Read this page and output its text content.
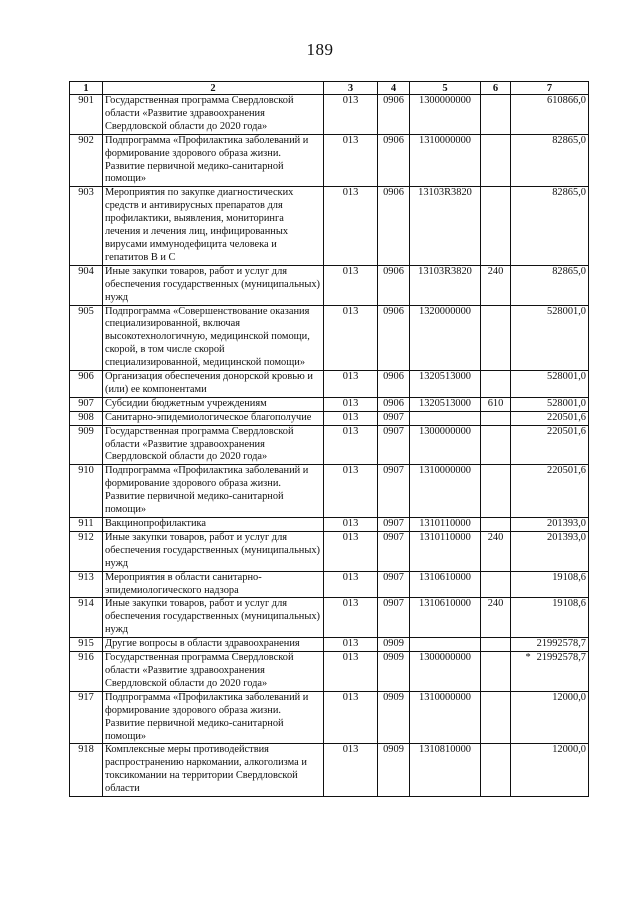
189
1	2	3	4	5	6	7
901	Государственная программа Свердловской области «Развитие здравоохранения Свердловской области до 2020 года»	013	0906	1300000000		610866,0
902	Подпрограмма «Профилактика заболеваний и формирование здорового образа жизни. Развитие первичной медико-санитарной помощи»	013	0906	1310000000		82865,0
903	Мероприятия по закупке диагностических средств и антивирусных препаратов для профилактики, выявления, мониторинга лечения и лечения лиц, инфицированных вирусами иммунодефицита человека и гепатитов В и С	013	0906	13103R3820		82865,0
904	Иные закупки товаров, работ и услуг для обеспечения государственных (муниципальных) нужд	013	0906	13103R3820	240	82865,0
905	Подпрограмма «Совершенствование оказания специализированной, включая высокотехнологичную, медицинской помощи, скорой, в том числе скорой специализированной, медицинской помощи»	013	0906	1320000000		528001,0
906	Организация обеспечения донорской кровью и (или) ее компонентами	013	0906	1320513000		528001,0
907	Субсидии бюджетным учреждениям	013	0906	1320513000	610	528001,0
908	Санитарно-эпидемиологическое благополучие	013	0907			220501,6
909	Государственная программа Свердловской области «Развитие здравоохранения Свердловской области до 2020 года»	013	0907	1300000000		220501,6
910	Подпрограмма «Профилактика заболеваний и формирование здорового образа жизни. Развитие первичной медико-санитарной помощи»	013	0907	1310000000		220501,6
911	Вакцинопрофилактика	013	0907	1310110000		201393,0
912	Иные закупки товаров, работ и услуг для обеспечения государственных (муниципальных) нужд	013	0907	1310110000	240	201393,0
913	Мероприятия в области санитарно-эпидемиологического надзора	013	0907	1310610000		19108,6
914	Иные закупки товаров, работ и услуг для обеспечения государственных (муниципальных) нужд	013	0907	1310610000	240	19108,6
915	Другие вопросы в области здравоохранения	013	0909			21992578,7
916	Государственная программа Свердловской области «Развитие здравоохранения Свердловской области до 2020 года»	013	0909	1300000000		* 21992578,7
917	Подпрограмма «Профилактика заболеваний и формирование здорового образа жизни. Развитие первичной медико-санитарной помощи»	013	0909	1310000000		12000,0
918	Комплексные меры противодействия распространению наркомании, алкоголизма и токсикомании на территории Свердловской области	013	0909	1310810000		12000,0
